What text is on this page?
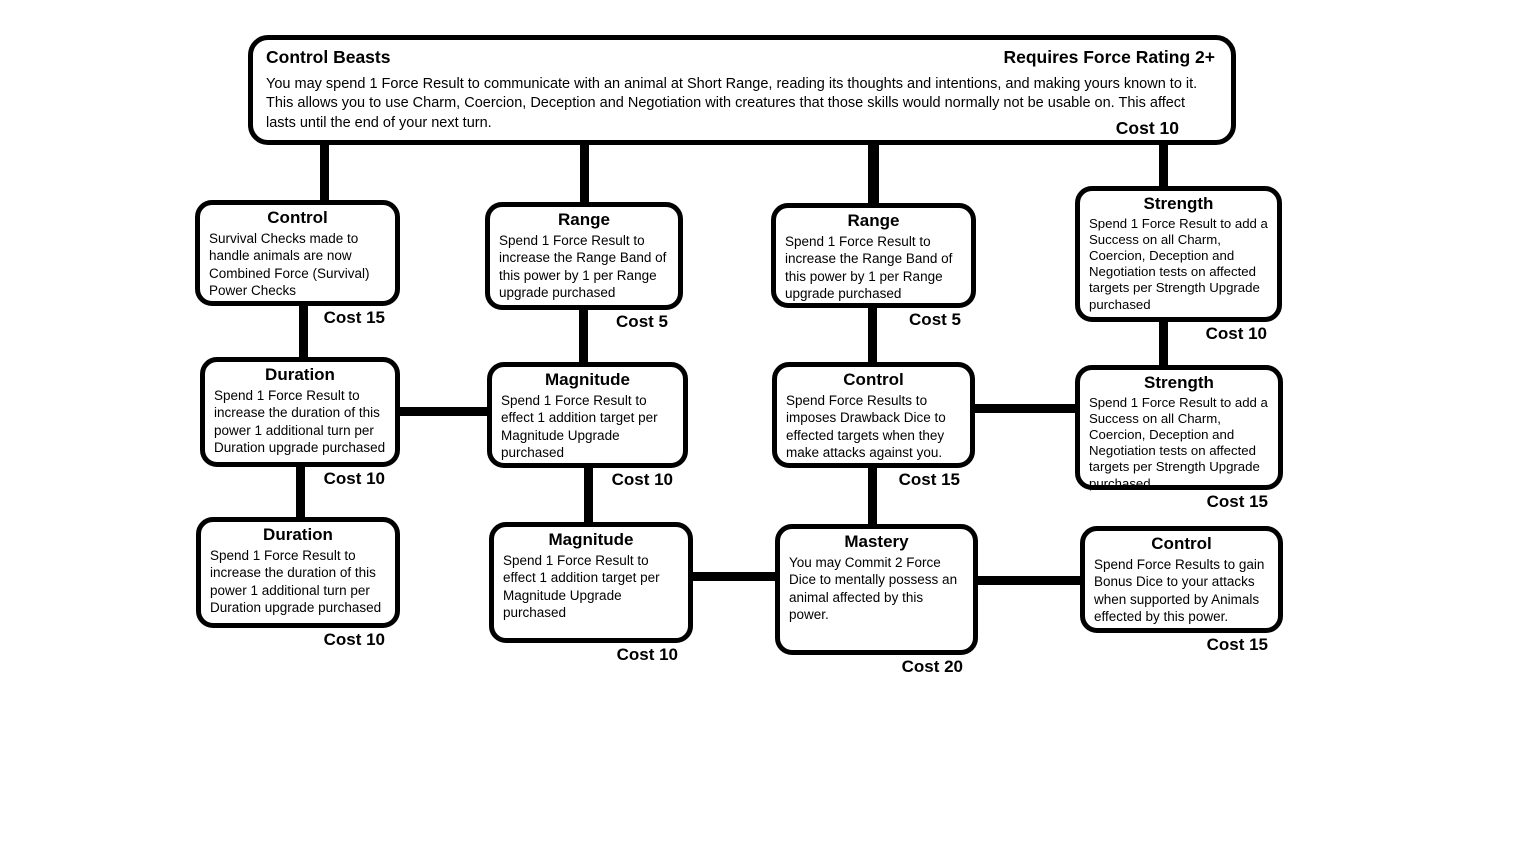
Control Beasts	Requires Force Rating 2+
You may spend 1 Force Result to communicate with an animal at Short Range, reading its thoughts and intentions, and making yours known to it. This allows you to use Charm, Coercion, Deception and Negotiation with creatures that those skills would normally not be usable on. This affect lasts until the end of your next turn.	Cost 10
Control
Survival Checks made to handle animals are now Combined Force (Survival) Power Checks
Cost 15
Range
Spend 1 Force Result to increase the Range Band of this power by 1 per Range upgrade purchased
Cost 5
Range
Spend 1 Force Result to increase the Range Band of this power by 1 per Range upgrade purchased
Cost 5
Strength
Spend 1 Force Result to add a Success on all Charm, Coercion, Deception and Negotiation tests on affected targets per Strength Upgrade purchased
Cost 10
Duration
Spend 1 Force Result to increase the duration of this power 1 additional turn per Duration upgrade purchased
Cost 10
Magnitude
Spend 1 Force Result to effect 1 addition target per Magnitude Upgrade purchased
Cost 10
Control
Spend Force Results to imposes Drawback Dice to effected targets when they make attacks against you.
Cost 15
Strength
Spend 1 Force Result to add a Success on all Charm, Coercion, Deception and Negotiation tests on affected targets per Strength Upgrade purchased
Cost 15
Duration
Spend 1 Force Result to increase the duration of this power 1 additional turn per Duration upgrade purchased
Cost 10
Magnitude
Spend 1 Force Result to effect 1 addition target per Magnitude Upgrade purchased
Cost 10
Mastery
You may Commit 2 Force Dice to mentally possess an animal affected by this power.
Cost 20
Control
Spend Force Results to gain Bonus Dice to your attacks when supported by Animals effected by this power.
Cost 15
